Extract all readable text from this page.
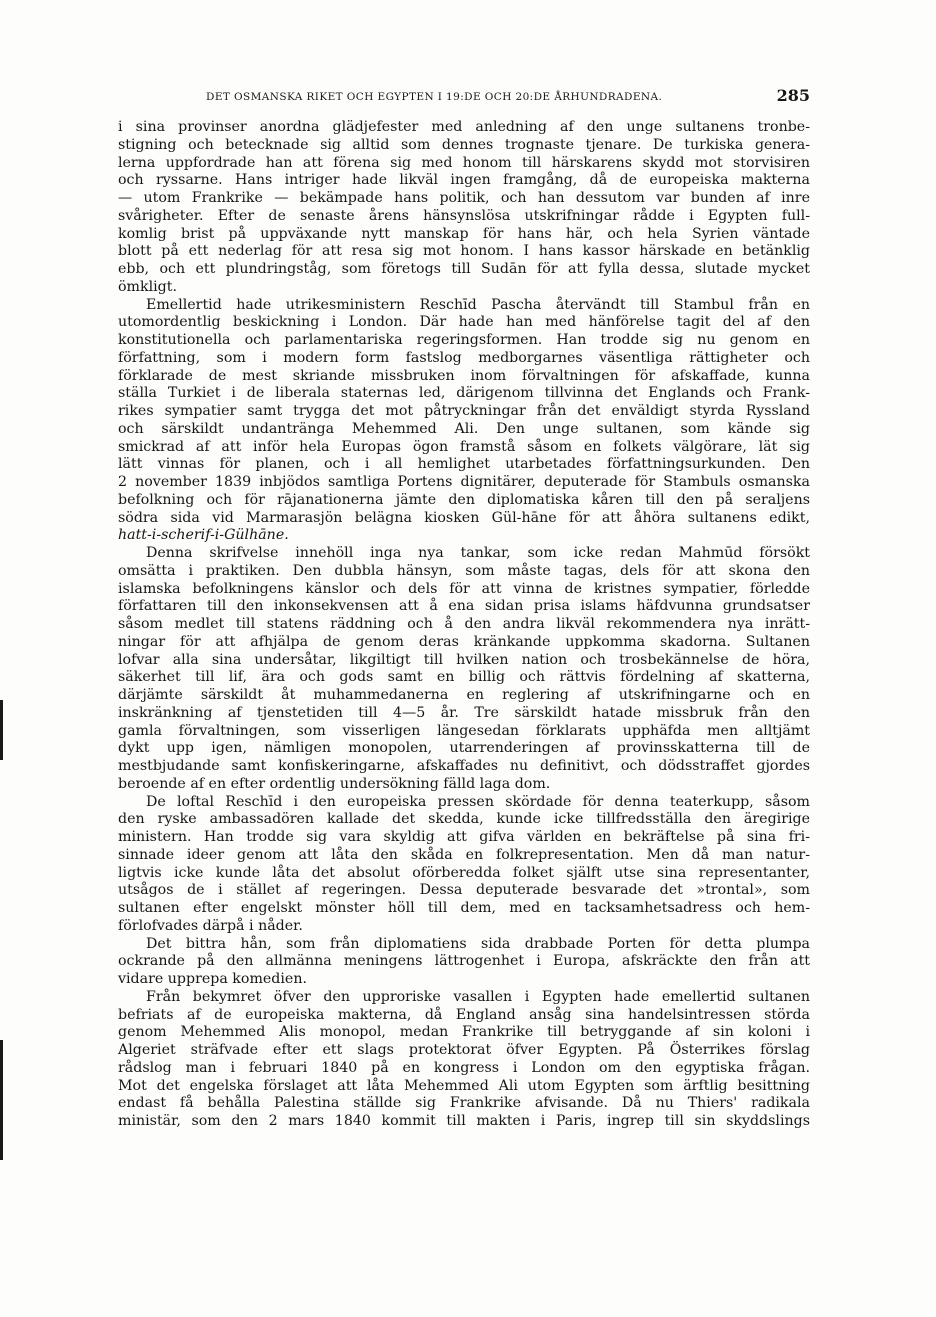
DET OSMANSKA RIKET OCH EGYPTEN I 19:DE OCH 20:DE ÅRHUNDRADENA.	285
i sina provinser anordna glädjefester med anledning af den unge sultanens tronbe-
stigning och betecknade sig alltid som dennes trognaste tjenare. De turkiska genera-
lerna uppfordrade han att förena sig med honom till härskarens skydd mot storvisiren
och ryssarne. Hans intriger hade likväl ingen framgång, då de europeiska makterna
— utom Frankrike — bekämpade hans politik, och han dessutom var bunden af inre
svårigheter. Efter de senaste årens hänsynslösa utskrifningar rådde i Egypten full-
komlig brist på uppväxande nytt manskap för hans här, och hela Syrien väntade
blott på ett nederlag för att resa sig mot honom. I hans kassor härskade en betänklig
ebb, och ett plundringståg, som företogs till Sudān för att fylla dessa, slutade mycket
ömkligt.
Emellertid hade utrikesministern Reschīd Pascha återvändt till Stambul från en
utomordentlig beskickning i London. Där hade han med hänförelse tagit del af den
konstitutionella och parlamentariska regeringsformen. Han trodde sig nu genom en
författning, som i modern form fastslog medborgarnes väsentliga rättigheter och
förklarade de mest skriande missbruken inom förvaltningen för afskaffade, kunna
ställa Turkiet i de liberala staternas led, därigenom tillvinna det Englands och Frank-
rikes sympatier samt trygga det mot påtryckningar från det enväldigt styrda Ryssland
och särskildt undantränga Mehemmed Ali. Den unge sultanen, som kände sig
smickrad af att inför hela Europas ögon framstå såsom en folkets välgörare, lät sig
lätt vinnas för planen, och i all hemlighet utarbetades författningsurkunden. Den
2 november 1839 inbjödos samtliga Portens dignitärer, deputerade för Stambuls osmanska
befolkning och för rājanationerna jämte den diplomatiska kåren till den på seraljens
södra sida vid Marmarasjön belägna kiosken Gül-hāne för att åhöra sultanens edikt,
hatt-i-scherif-i-Gülhāne.
Denna skrifvelse innehöll inga nya tankar, som icke redan Mahmūd försökt
omsätta i praktiken. Den dubbla hänsyn, som måste tagas, dels för att skona den
islamska befolkningens känslor och dels för att vinna de kristnes sympatier, förledde
författaren till den inkonsekvensen att å ena sidan prisa islams häfdvunna grundsatser
såsom medlet till statens räddning och å den andra likväl rekommendera nya inrätt-
ningar för att afhjälpa de genom deras kränkande uppkomma skadorna. Sultanen
lofvar alla sina undersåtar, likgiltigt till hvilken nation och trosbekännelse de höra,
säkerhet till lif, ära och gods samt en billig och rättvis fördelning af skatterna,
därjämte särskildt åt muhammedanerna en reglering af utskrifningarne och en
inskränkning af tjenstetiden till 4—5 år. Tre särskildt hatade missbruk från den
gamla förvaltningen, som visserligen längesedan förklarats upphäfda men alltjämt
dykt upp igen, nämligen monopolen, utarrenderingen af provinsskatterna till de
mestbjudande samt konfiskeringarne, afskaffades nu definitivt, och dödsstraffet gjordes
beroende af en efter ordentlig undersökning fälld laga dom.
De loftal Reschīd i den europeiska pressen skördade för denna teaterkupp, såsom
den ryske ambassadören kallade det skedda, kunde icke tillfredsställa den äregirige
ministern. Han trodde sig vara skyldig att gifva världen en bekräftelse på sina fri-
sinnade ideer genom att låta den skåda en folkrepresentation. Men då man natur-
ligtvis icke kunde låta det absolut oförberedda folket själft utse sina representanter,
utsågos de i stället af regeringen. Dessa deputerade besvarade det »trontal», som
sultanen efter engelskt mönster höll till dem, med en tacksamhetsadress och hem-
förlofvades därpå i nåder.
Det bittra hån, som från diplomatiens sida drabbade Porten för detta plumpa
ockrande på den allmänna meningens lättrogenhet i Europa, afskräckte den från att
vidare upprepa komedien.
Från bekymret öfver den upproriske vasallen i Egypten hade emellertid sultanen
befriats af de europeiska makterna, då England ansåg sina handelsintressen störda
genom Mehemmed Alis monopol, medan Frankrike till betryggande af sin koloni i
Algeriet sträfvade efter ett slags protektorat öfver Egypten. På Österrikes förslag
rådslog man i februari 1840 på en kongress i London om den egyptiska frågan.
Mot det engelska förslaget att låta Mehemmed Ali utom Egypten som ärftlig besittning
endast få behålla Palestina ställde sig Frankrike afvisande. Då nu Thiers' radikala
ministär, som den 2 mars 1840 kommit till makten i Paris, ingrep till sin skyddslings
